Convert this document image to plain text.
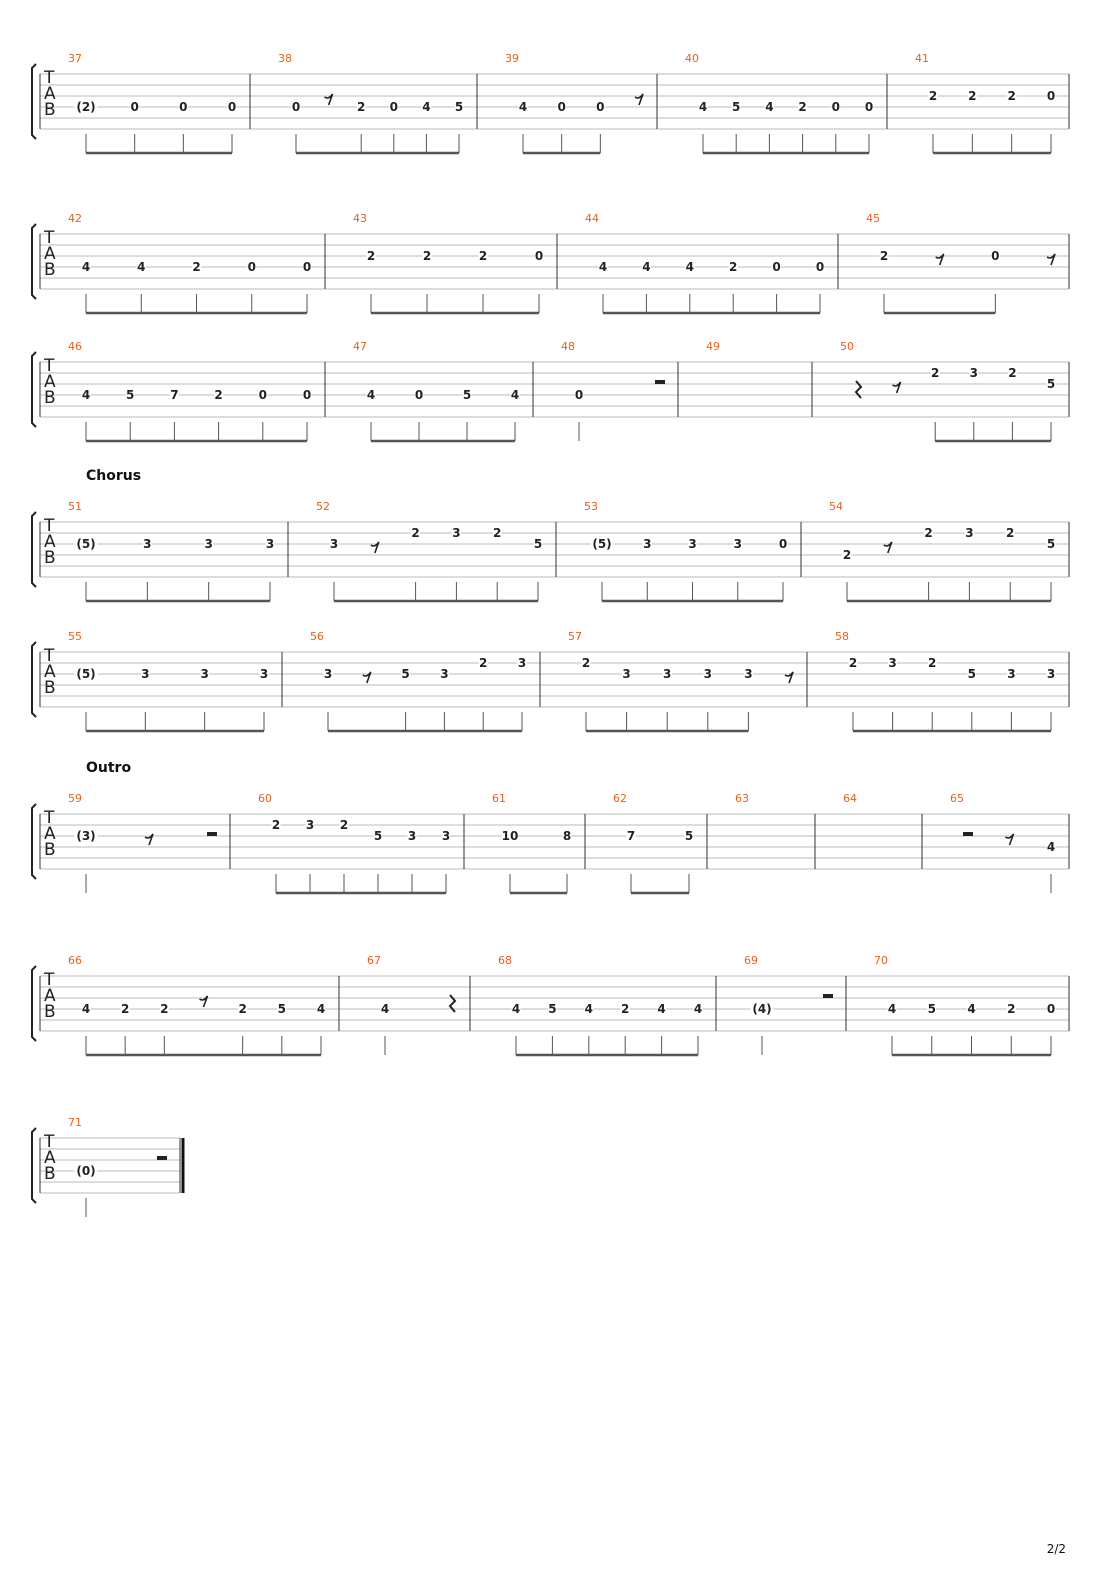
T
A
B
37
(2)	0	0	0
38
0	2 0 4 5
39
4	0	0
40
4 5 4 2 0 0
41
2	2	2	0
T
A
B
42
4	4	2	0	0
43
2	2	2	0
44
4	4	4	2	0	0
45
2	0
T
A
B
46
4	5	7	2	0	0
47
4	0	5	4
48
0
49	50
2	3	2
5
Chorus
T
A
B
51
(5)	3	3	3
52
3
2	3	2
5
53
(5)	3	3	3	0
54
2
2	3	2
5
T
A
B
55
(5)	3	3	3
56
3	5	3
2	3
57
2
3	3	3	3
58
2	3	2
5	3	3
Outro
T
A
B
59
(3)
60
2 3 2
5 3 3
61
10	8
62
7	5
63	64	65
4
T
A
B
66
4	2	2	2	5	4
67
4
68
4 5 4 2 4 4
69
(4)
70
4	5	4	2	0
T
A
B
71
(0)
2/2
